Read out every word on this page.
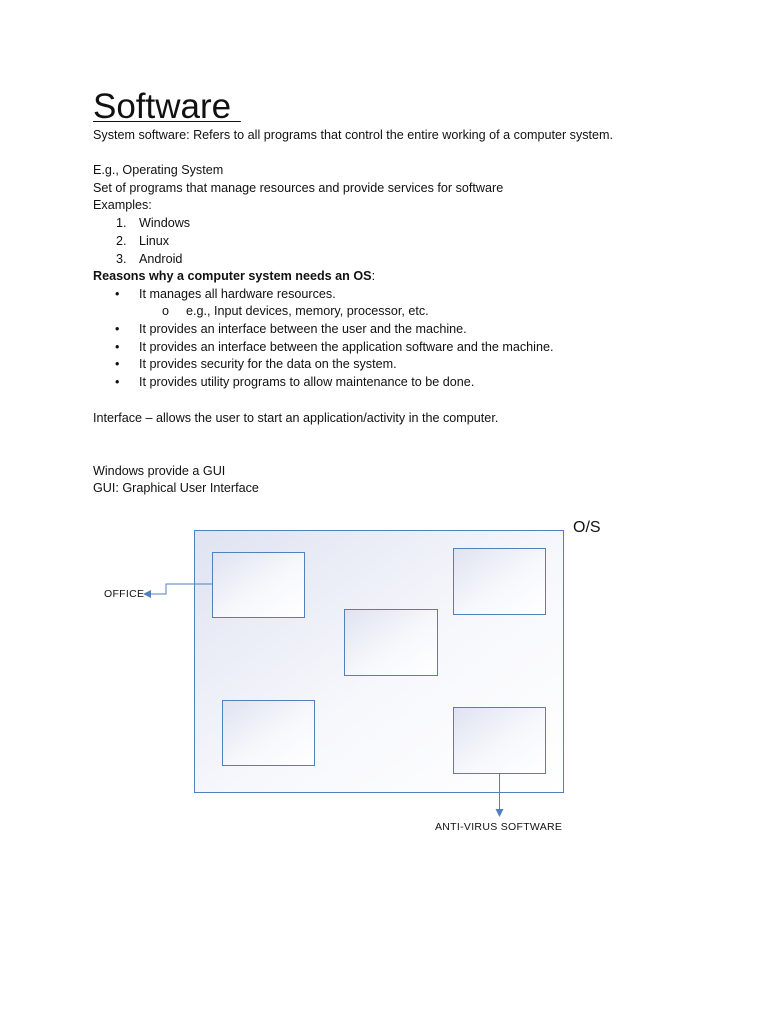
Software
System software: Refers to all programs that control the entire working of a computer system.
E.g., Operating System
Set of programs that manage resources and provide services for software
Examples:
1. Windows
2. Linux
3. Android
Reasons why a computer system needs an OS:
• It manages all hardware resources.
o e.g., Input devices, memory, processor, etc.
• It provides an interface between the user and the machine.
• It provides an interface between the application software and the machine.
• It provides security for the data on the system.
• It provides utility programs to allow maintenance to be done.
Interface – allows the user to start an application/activity in the computer.
Windows provide a GUI
GUI: Graphical User Interface
O/S
OFFICE
ANTI-VIRUS SOFTWARE
